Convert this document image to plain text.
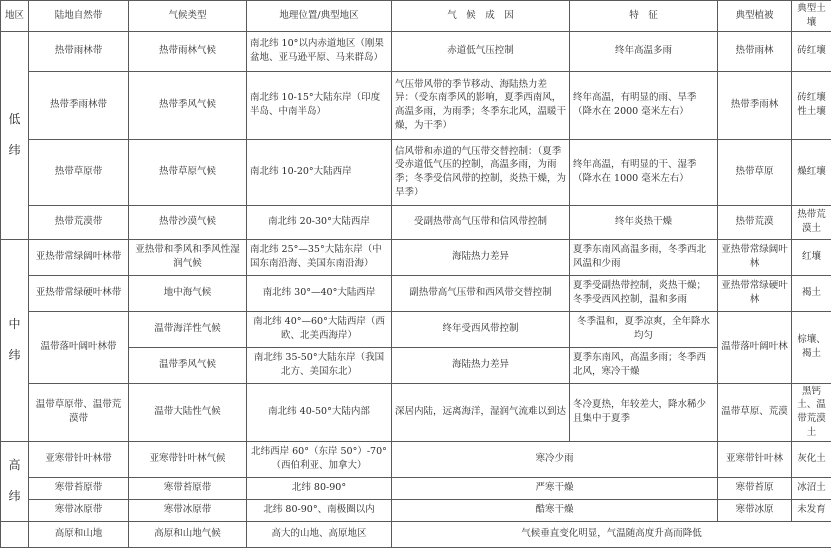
地区	陆地自然带	气候类型	地理位置/典型地区	气　候　成　因	特　征	典型植被	典型土壤

低
纬	热带雨林带	热带雨林气候	南北纬 10°以内赤道地区（刚果盆地、亚马逊平原、马来群岛）	赤道低气压控制	终年高温多雨	热带雨林	砖红壤
	热带季雨林带	热带季风气候	南北纬 10-15°大陆东岸（印度半岛、中南半岛）	气压带风带的季节移动、海陆热力差异：（受东南季风的影响，夏季西南风，高温多雨，为雨季；冬季东北风，温暖干燥，为干季）	终年高温，有明显的雨、旱季（降水在 2000 毫米左右）	热带季雨林	砖红壤性土壤
	热带草原带	热带草原气候	南北纬 10-20°大陆西岸	信风带和赤道的气压带交替控制：（夏季受赤道低气压的控制，高温多雨，为雨季；冬季受信风带的控制，炎热干燥，为旱季）	终年高温，有明显的干、湿季（降水在 1000 毫米左右）	热带草原	燥红壤
	热带荒漠带	热带沙漠气候	南北纬 20-30°大陆西岸	受副热带高气压带和信风带控制	终年炎热干燥	热带荒漠	热带荒漠土

中
纬	亚热带常绿阔叶林带	亚热带和季风和季风性湿润气候	南北纬 25°—35°大陆东岸（中国东南沿海、美国东南沿海）	海陆热力差异	夏季东南风高温多雨，冬季西北风温和少雨	亚热带常绿阔叶林	红壤
	亚热带常绿硬叶林带	地中海气候	南北纬 30°—40°大陆西岸	副热带高气压带和西风带交替控制	夏季受副热带控制，炎热干燥；冬季受西风控制，温和多雨	亚热带常绿硬叶林	褐土
	温带落叶阔叶林带	温带海洋性气候	南北纬 40°—60°大陆西岸（西欧、北美西海岸）	终年受西风带控制	冬季温和，夏季凉爽，全年降水均匀	温带落叶阔叶林	棕壤、褐土
		温带季风气候	南北纬 35-50°大陆东岸（我国北方、美国东北）	海陆热力差异	夏季东南风，高温多雨；冬季西北风，寒冷干燥		
	温带草原带、温带荒漠带	温带大陆性气候	南北纬 40-50°大陆内部	深居内陆，远离海洋，湿润气流难以到达	冬冷夏热，年较差大，降水稀少且集中于夏季	温带草原、荒漠	黑钙土、温带荒漠土

高
纬	亚寒带针叶林带	亚寒带针叶林气候	北纬西岸 60°（东岸 50°）-70°（西伯利亚、加拿大）	寒冷少雨		亚寒带针叶林	灰化土
	寒带苔原带	寒带苔原带	北纬 80-90°	严寒干燥		寒带苔原	冰沼土
	寒带冰原带	寒带冰原带	北纬 80-90°、南极圈以内	酷寒干燥		寒带冰原	未发育
	高原和山地	高原和山地气候	高大的山地、高原地区	气候垂直变化明显，气温随高度升高而降低			
